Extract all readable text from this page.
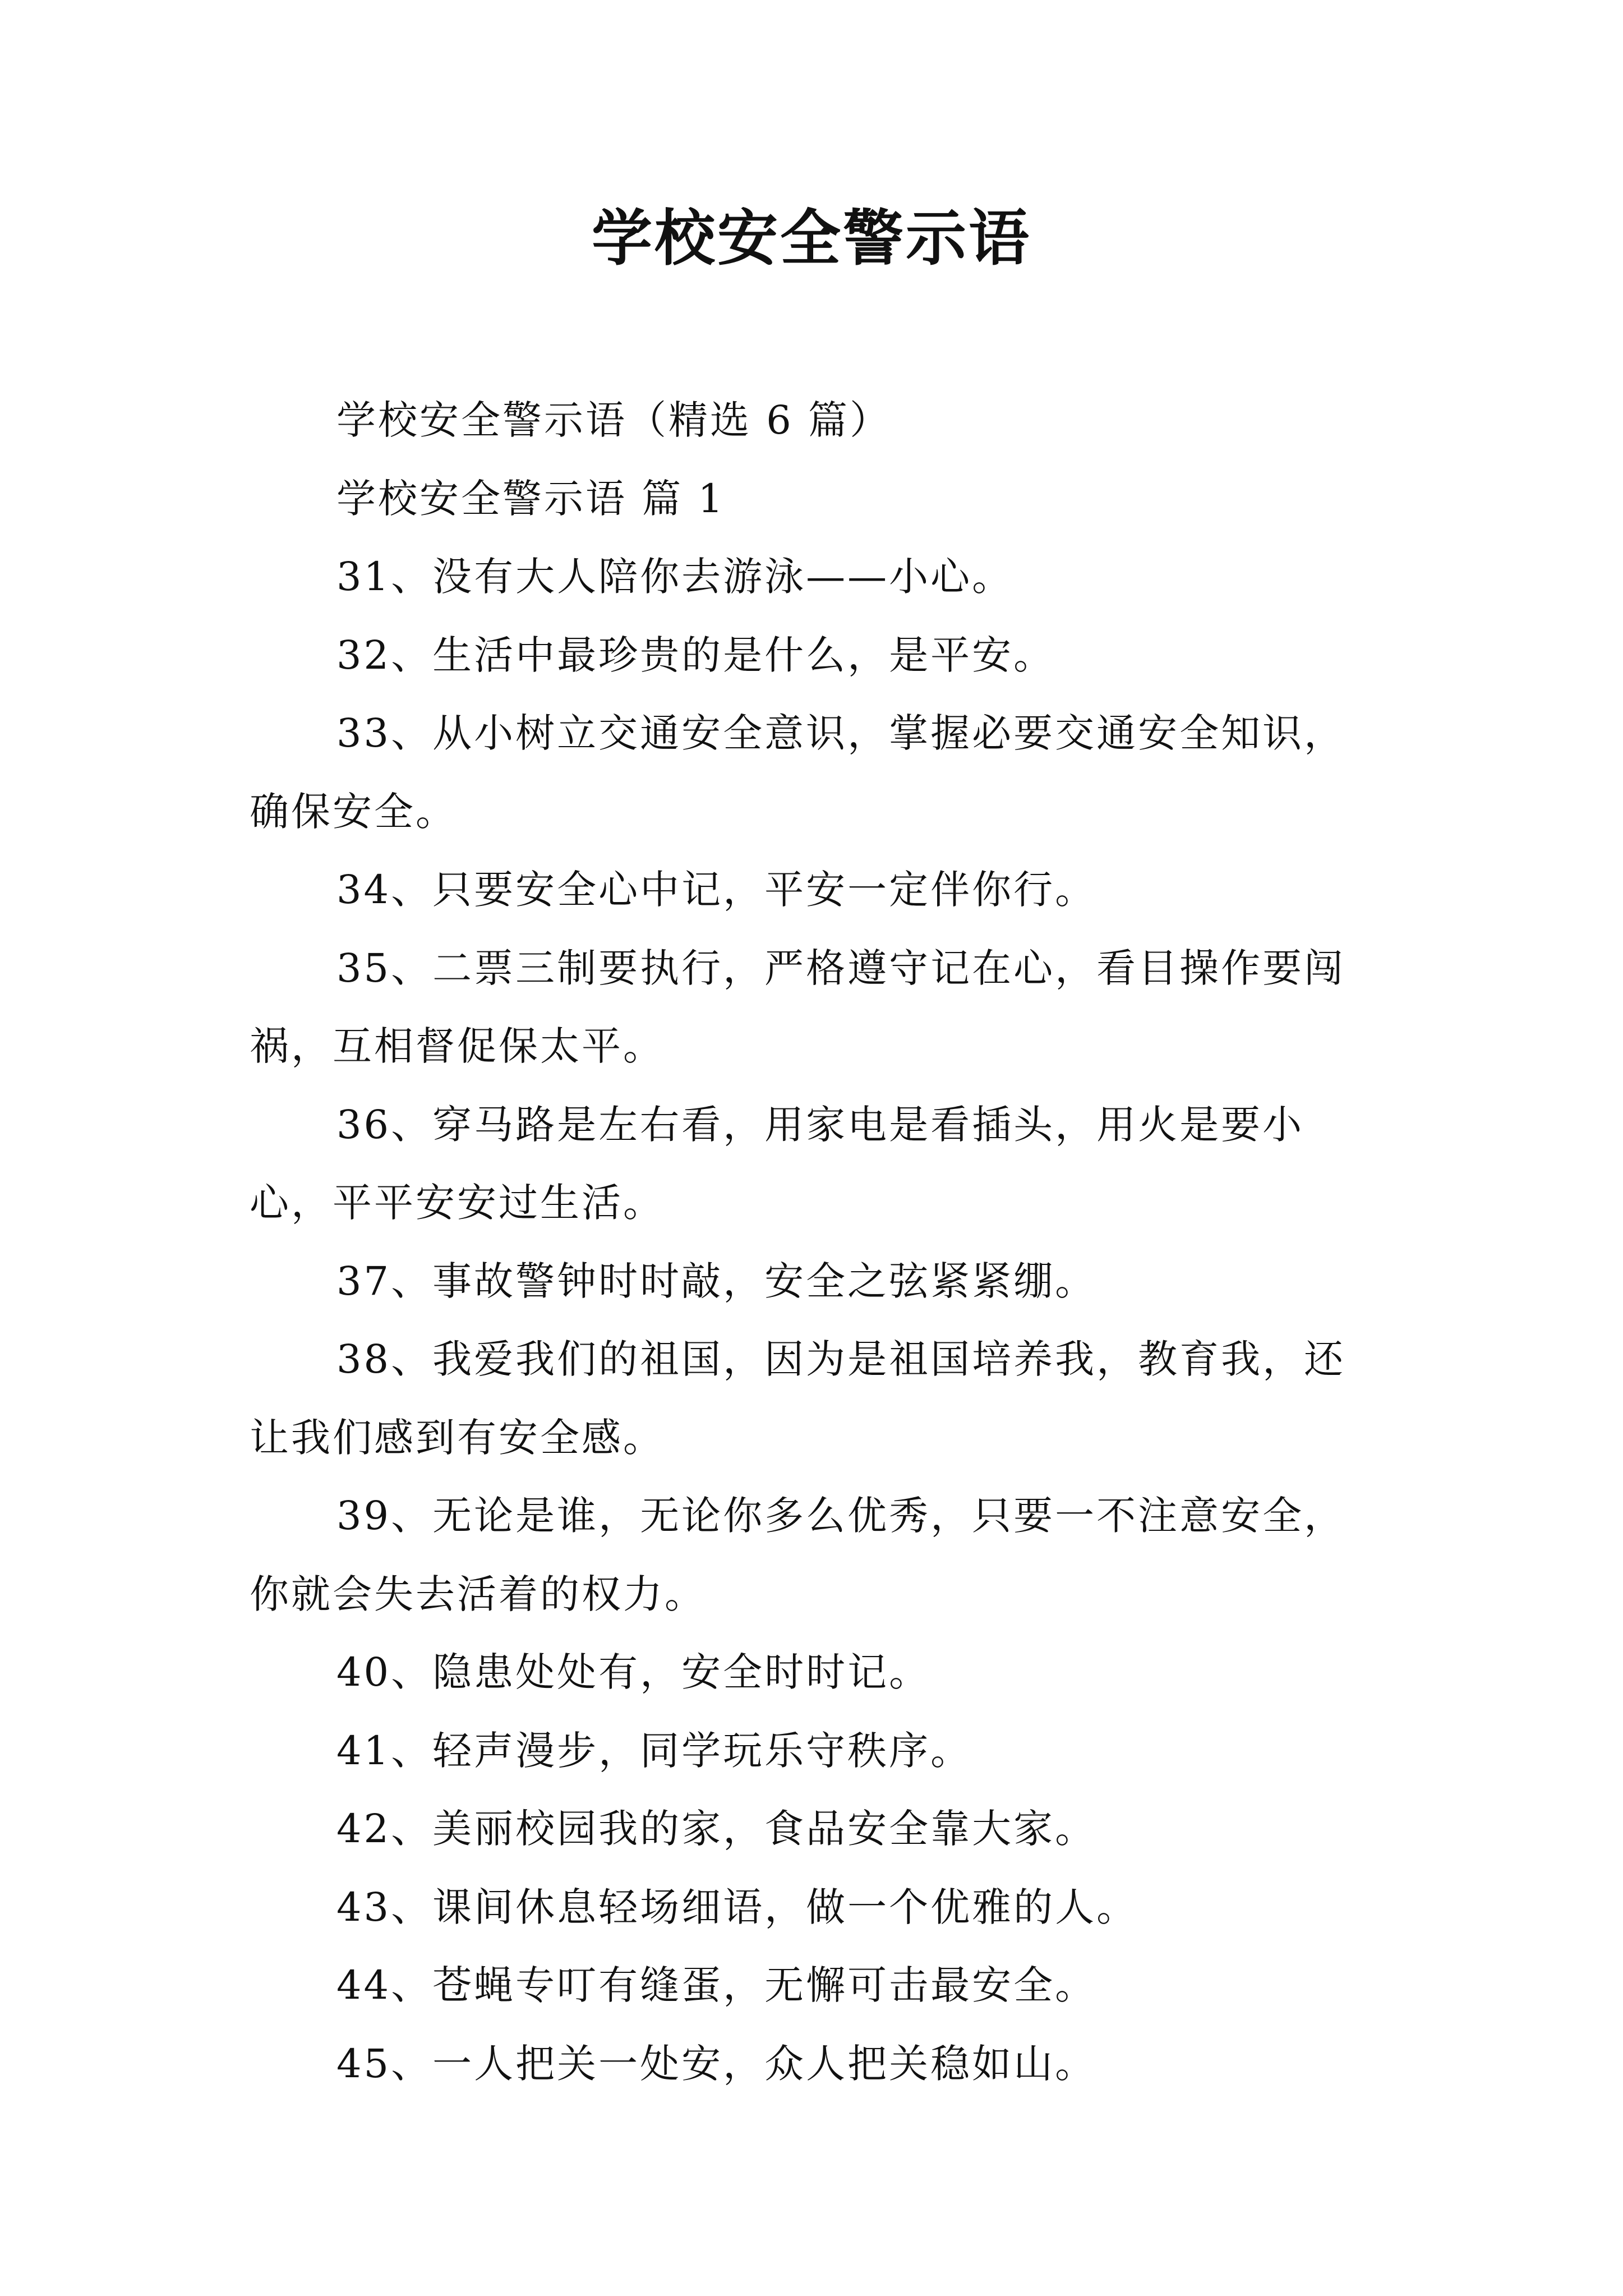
学校安全警示语

学校安全警示语（精选 6 篇）

学校安全警示语 篇 1

31、没有大人陪你去游泳——小心。

32、生活中最珍贵的是什么，是平安。

33、从小树立交通安全意识，掌握必要交通安全知识，确保安全。

34、只要安全心中记，平安一定伴你行。

35、二票三制要执行，严格遵守记在心，看目操作要闯祸，互相督促保太平。

36、穿马路是左右看，用家电是看插头，用火是要小心，平平安安过生活。

37、事故警钟时时敲，安全之弦紧紧绷。

38、我爱我们的祖国，因为是祖国培养我，教育我，还让我们感到有安全感。

39、无论是谁，无论你多么优秀，只要一不注意安全，你就会失去活着的权力。

40、隐患处处有，安全时时记。

41、轻声漫步，同学玩乐守秩序。

42、美丽校园我的家，食品安全靠大家。

43、课间休息轻场细语，做一个优雅的人。

44、苍蝇专叮有缝蛋，无懈可击最安全。

45、一人把关一处安，众人把关稳如山。
